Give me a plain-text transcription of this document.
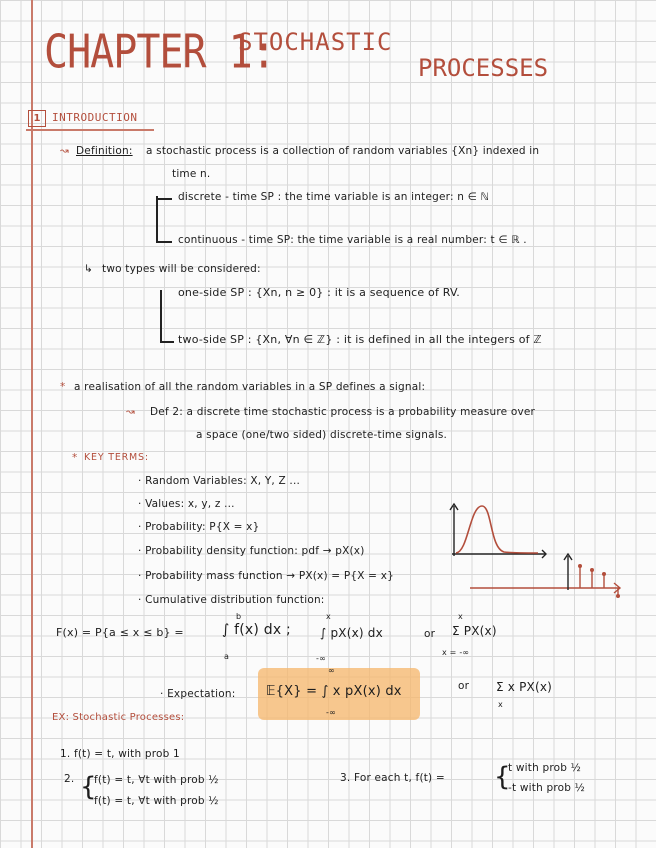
CHAPTER 1:
STOCHASTIC
PROCESSES
1	INTRODUCTION
↝ Definition: a stochastic process is a collection of random variables {Xn} indexed in
time n.
discrete - time SP : the time variable is an integer: n ∈ ℕ
continuous - time SP: the time variable is a real number: t ∈ ℝ .
↳ two types will be considered:
one-side SP : {Xn, n ≥ 0} : it is a sequence of RV.
two-side SP : {Xn, ∀n ∈ ℤ} : it is defined in all the integers of ℤ
* a realisation of all the random variables in a SP defines a signal:
↝ Def 2: a discrete time stochastic process is a probability measure over
a space (one/two sided) discrete-time signals.
* KEY TERMS:
· Random Variables: X, Y, Z ...
· Values: x, y, z ...
· Probability: P{X = x}
· Probability density function: pdf → pX(x)
· Probability mass function → PX(x) = P{X = x}
· Cumulative distribution function:
F(x) = P{a ≤ x ≤ b} =
b
∫ f(x) dx ;
a
x
∫ pX(x) dx
-∞
or
x
Σ PX(x)
x = -∞
· Expectation:
∞
𝔼{X} = ∫ x pX(x) dx
-∞
or Σ x PX(x)
x
EX: Stochastic Processes:
1. f(t) = t, with prob 1
2. {
f(t) = t, ∀t with prob ½
f(t) = t, ∀t with prob ½
3. For each t, f(t) = {
t with prob ½
-t with prob ½
